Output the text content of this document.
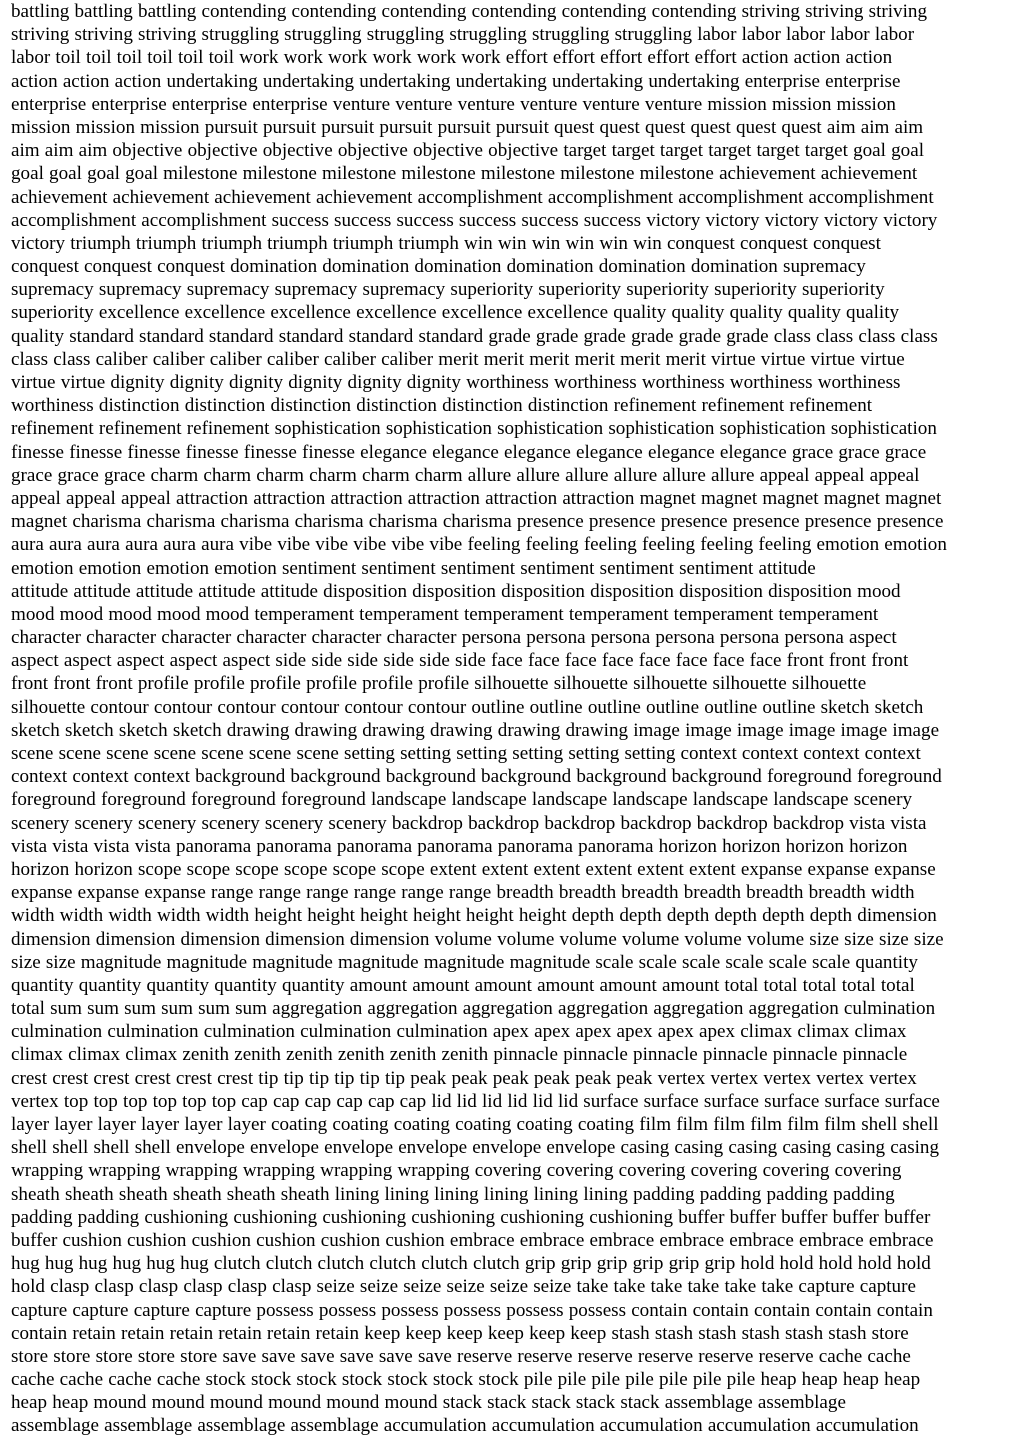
battling battling battling contending contending contending contending contending contending striving striving striving
striving striving striving struggling struggling struggling struggling struggling struggling labor labor labor labor labor
labor toil toil toil toil toil toil work work work work work work effort effort effort effort effort action action action
action action action undertaking undertaking undertaking undertaking undertaking undertaking enterprise enterprise
enterprise enterprise enterprise enterprise venture venture venture venture venture venture mission mission mission
mission mission mission pursuit pursuit pursuit pursuit pursuit pursuit quest quest quest quest quest quest aim aim aim
aim aim aim objective objective objective objective objective objective target target target target target target goal goal
goal goal goal goal milestone milestone milestone milestone milestone milestone milestone achievement achievement
achievement achievement achievement achievement accomplishment accomplishment accomplishment accomplishment
accomplishment accomplishment success success success success success success victory victory victory victory victory
victory triumph triumph triumph triumph triumph triumph win win win win win win conquest conquest conquest
conquest conquest conquest domination domination domination domination domination domination supremacy
supremacy supremacy supremacy supremacy supremacy superiority superiority superiority superiority superiority
superiority excellence excellence excellence excellence excellence excellence quality quality quality quality quality
quality standard standard standard standard standard standard grade grade grade grade grade grade class class class class
class class caliber caliber caliber caliber caliber caliber merit merit merit merit merit merit virtue virtue virtue virtue
virtue virtue dignity dignity dignity dignity dignity dignity worthiness worthiness worthiness worthiness worthiness
worthiness distinction distinction distinction distinction distinction distinction refinement refinement refinement
refinement refinement refinement sophistication sophistication sophistication sophistication sophistication sophistication
finesse finesse finesse finesse finesse finesse elegance elegance elegance elegance elegance elegance grace grace grace
grace grace grace charm charm charm charm charm charm allure allure allure allure allure allure appeal appeal appeal
appeal appeal appeal attraction attraction attraction attraction attraction attraction magnet magnet magnet magnet magnet
magnet charisma charisma charisma charisma charisma charisma presence presence presence presence presence presence
aura aura aura aura aura aura vibe vibe vibe vibe vibe vibe feeling feeling feeling feeling feeling feeling emotion emotion
emotion emotion emotion emotion sentiment sentiment sentiment sentiment sentiment sentiment attitude
attitude attitude attitude attitude attitude disposition disposition disposition disposition disposition disposition mood
mood mood mood mood mood temperament temperament temperament temperament temperament temperament
character character character character character character persona persona persona persona persona persona aspect
aspect aspect aspect aspect aspect side side side side side side face face face face face face face face front front front
front front front profile profile profile profile profile profile silhouette silhouette silhouette silhouette silhouette
silhouette contour contour contour contour contour contour outline outline outline outline outline outline sketch sketch
sketch sketch sketch sketch drawing drawing drawing drawing drawing drawing image image image image image image
scene scene scene scene scene scene scene setting setting setting setting setting setting context context context context
context context context background background background background background background foreground foreground
foreground foreground foreground foreground landscape landscape landscape landscape landscape landscape scenery
scenery scenery scenery scenery scenery scenery backdrop backdrop backdrop backdrop backdrop backdrop vista vista
vista vista vista vista panorama panorama panorama panorama panorama panorama horizon horizon horizon horizon
horizon horizon scope scope scope scope scope scope extent extent extent extent extent extent expanse expanse expanse
expanse expanse expanse range range range range range range breadth breadth breadth breadth breadth breadth width
width width width width width height height height height height height depth depth depth depth depth depth dimension
dimension dimension dimension dimension dimension volume volume volume volume volume volume size size size size
size size magnitude magnitude magnitude magnitude magnitude magnitude scale scale scale scale scale scale quantity
quantity quantity quantity quantity quantity amount amount amount amount amount amount total total total total total
total sum sum sum sum sum sum aggregation aggregation aggregation aggregation aggregation aggregation culmination
culmination culmination culmination culmination culmination apex apex apex apex apex apex climax climax climax
climax climax climax zenith zenith zenith zenith zenith zenith pinnacle pinnacle pinnacle pinnacle pinnacle pinnacle
crest crest crest crest crest crest tip tip tip tip tip tip peak peak peak peak peak peak vertex vertex vertex vertex vertex
vertex top top top top top top cap cap cap cap cap cap lid lid lid lid lid lid surface surface surface surface surface surface
layer layer layer layer layer layer coating coating coating coating coating coating film film film film film film shell shell
shell shell shell shell envelope envelope envelope envelope envelope envelope casing casing casing casing casing casing
wrapping wrapping wrapping wrapping wrapping wrapping covering covering covering covering covering covering
sheath sheath sheath sheath sheath sheath lining lining lining lining lining lining padding padding padding padding
padding padding cushioning cushioning cushioning cushioning cushioning cushioning buffer buffer buffer buffer buffer
buffer cushion cushion cushion cushion cushion cushion embrace embrace embrace embrace embrace embrace embrace
hug hug hug hug hug hug clutch clutch clutch clutch clutch clutch grip grip grip grip grip grip hold hold hold hold hold
hold clasp clasp clasp clasp clasp clasp seize seize seize seize seize seize take take take take take take capture capture
capture capture capture capture possess possess possess possess possess possess contain contain contain contain contain
contain retain retain retain retain retain retain keep keep keep keep keep keep stash stash stash stash stash stash store
store store store store store save save save save save save reserve reserve reserve reserve reserve reserve cache cache
cache cache cache cache stock stock stock stock stock stock stock pile pile pile pile pile pile pile heap heap heap heap
heap heap mound mound mound mound mound mound stack stack stack stack stack assemblage assemblage
assemblage assemblage assemblage assemblage accumulation accumulation accumulation accumulation accumulation
